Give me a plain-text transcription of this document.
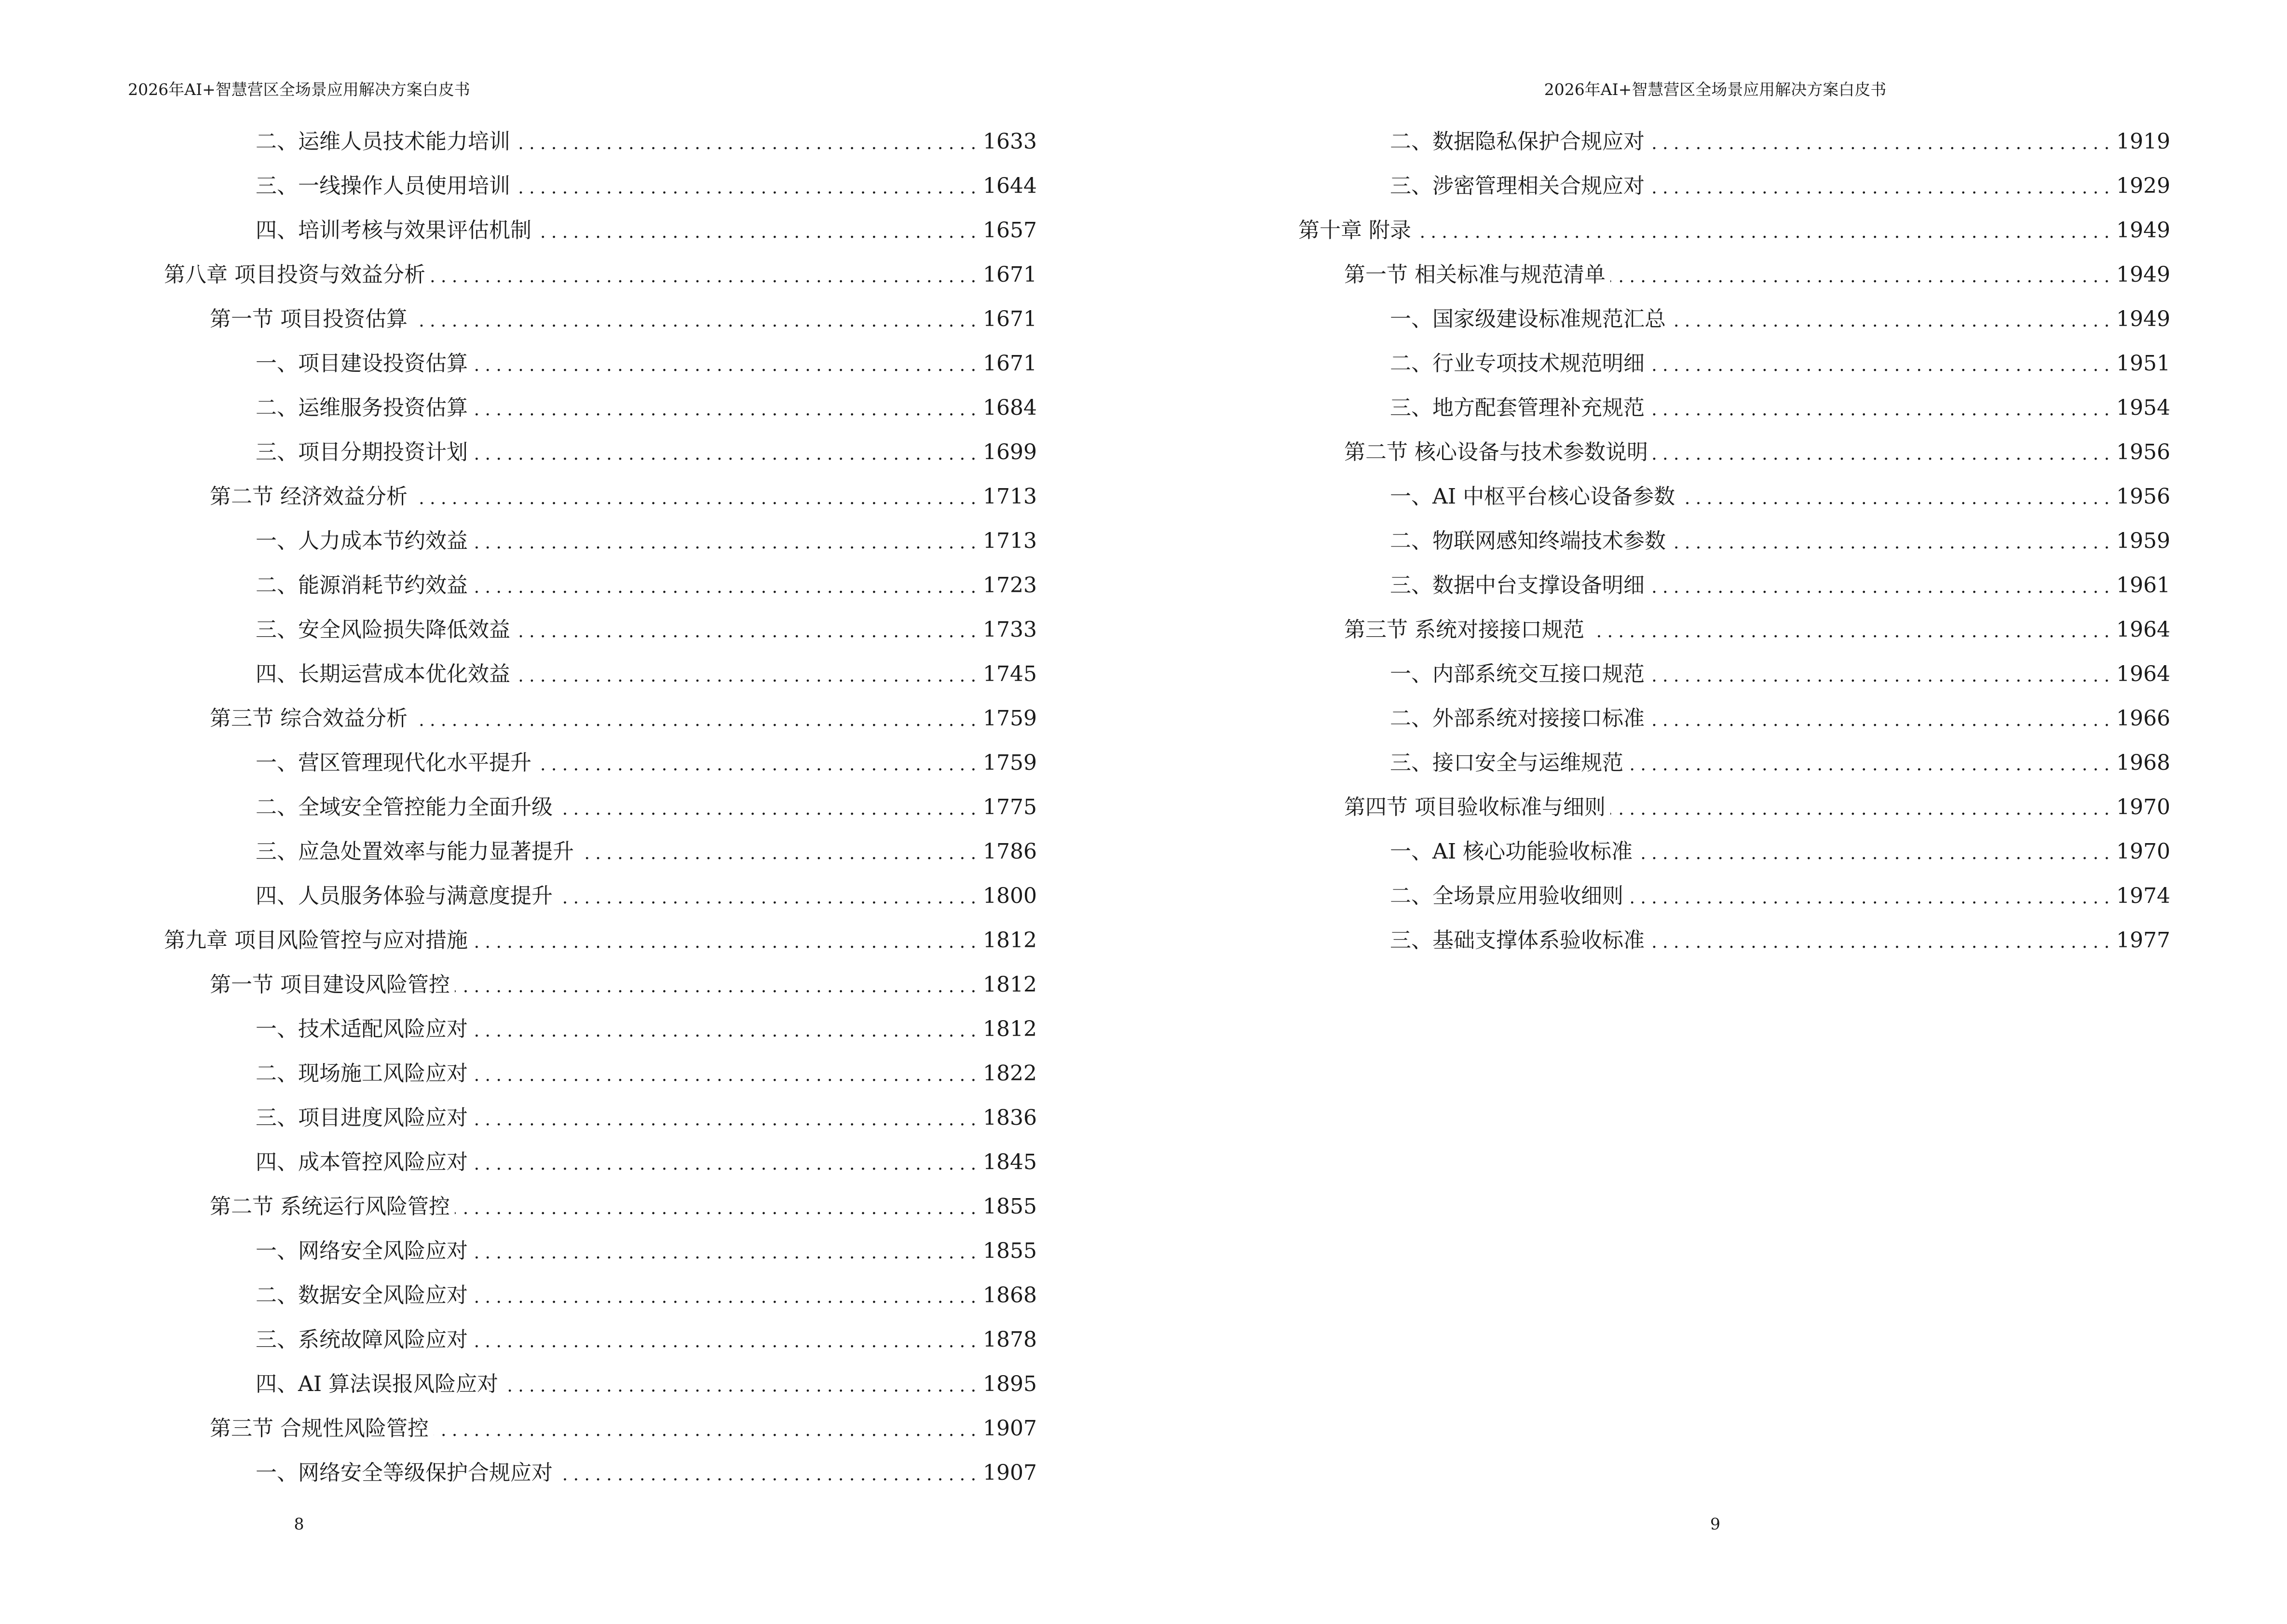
2026年AI+智慧营区全场景应用解决方案白皮书
二、运维人员技术能力培训 . . .	1633
三、一线操作人员使用培训 . . .	1644
四、培训考核与效果评估机制 . . .	1657
第八章 项目投资与效益分析 . . .	1671
第一节 项目投资估算 . . .	1671
一、项目建设投资估算 . . .	1671
二、运维服务投资估算 . . .	1684
三、项目分期投资计划 . . .	1699
第二节 经济效益分析 . . .	1713
一、人力成本节约效益 . . .	1713
二、能源消耗节约效益 . . .	1723
三、安全风险损失降低效益 . . .	1733
四、长期运营成本优化效益 . . .	1745
第三节 综合效益分析 . . .	1759
一、营区管理现代化水平提升 . . .	1759
二、全域安全管控能力全面升级 . . .	1775
三、应急处置效率与能力显著提升 . . .	1786
四、人员服务体验与满意度提升 . . .	1800
第九章 项目风险管控与应对措施 . . .	1812
第一节 项目建设风险管控 . . .	1812
一、技术适配风险应对 . . .	1812
二、现场施工风险应对 . . .	1822
三、项目进度风险应对 . . .	1836
四、成本管控风险应对 . . .	1845
第二节 系统运行风险管控 . . .	1855
一、网络安全风险应对 . . .	1855
二、数据安全风险应对 . . .	1868
三、系统故障风险应对 . . .	1878
四、AI 算法误报风险应对 . . .	1895
第三节 合规性风险管控 . . .	1907
一、网络安全等级保护合规应对 . . .	1907
8
2026年AI+智慧营区全场景应用解决方案白皮书
二、数据隐私保护合规应对 . . .	1919
三、涉密管理相关合规应对 . . .	1929
第十章 附录 . . .	1949
第一节 相关标准与规范清单 . . .	1949
一、国家级建设标准规范汇总 . . .	1949
二、行业专项技术规范明细 . . .	1951
三、地方配套管理补充规范 . . .	1954
第二节 核心设备与技术参数说明 . . .	1956
一、AI 中枢平台核心设备参数 . . .	1956
二、物联网感知终端技术参数 . . .	1959
三、数据中台支撑设备明细 . . .	1961
第三节 系统对接接口规范 . . .	1964
一、内部系统交互接口规范 . . .	1964
二、外部系统对接接口标准 . . .	1966
三、接口安全与运维规范 . . .	1968
第四节 项目验收标准与细则 . . .	1970
一、AI 核心功能验收标准 . . .	1970
二、全场景应用验收细则 . . .	1974
三、基础支撑体系验收标准 . . .	1977
9
